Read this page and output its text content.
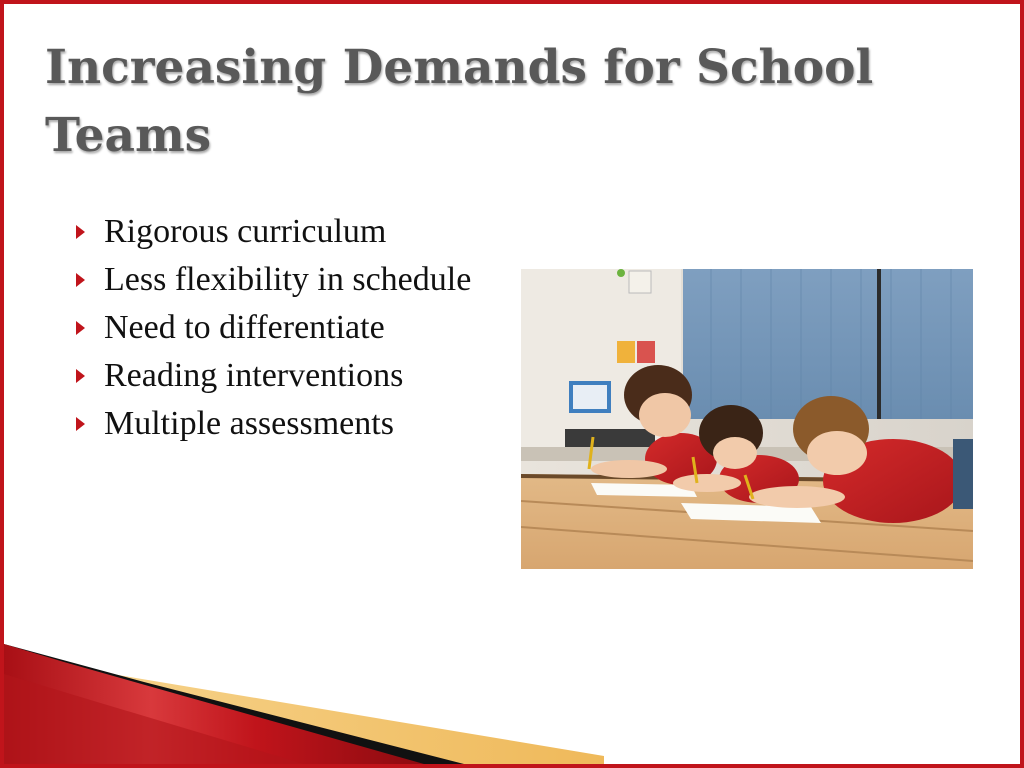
Increasing Demands for School Teams
Rigorous curriculum
Less flexibility in schedule
Need to differentiate
Reading interventions
Multiple assessments
